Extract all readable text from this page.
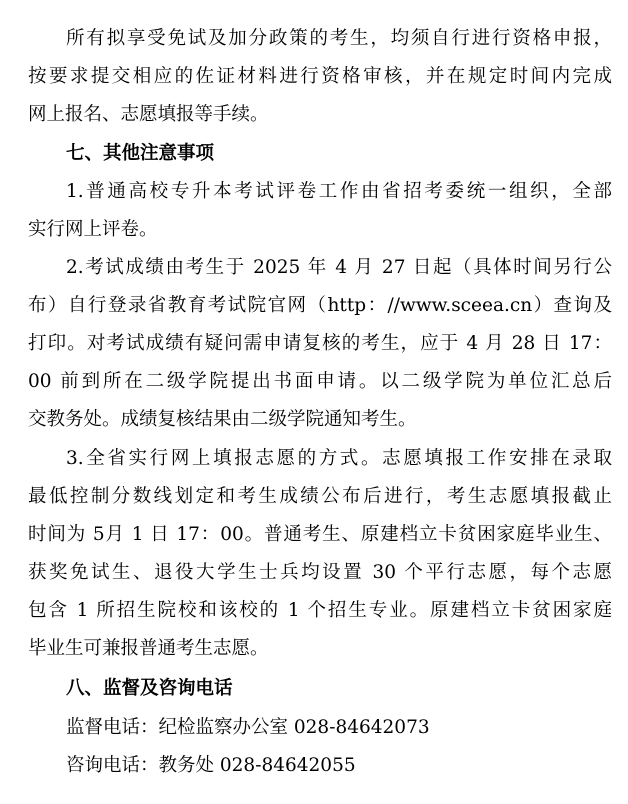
所有拟享受免试及加分政策的考生，均须自行进行资格申报，
按要求提交相应的佐证材料进行资格审核，并在规定时间内完成
网上报名、志愿填报等手续。
七、其他注意事项
1.普通高校专升本考试评卷工作由省招考委统一组织，全部
实行网上评卷。
2.考试成绩由考生于 2025 年 4 月 27 日起（具体时间另行公
布）自行登录省教育考试院官网（http：//www.sceea.cn）查询及
打印。对考试成绩有疑问需申请复核的考生，应于 4 月 28 日 17：
00 前到所在二级学院提出书面申请。以二级学院为单位汇总后
交教务处。成绩复核结果由二级学院通知考生。
3.全省实行网上填报志愿的方式。志愿填报工作安排在录取
最低控制分数线划定和考生成绩公布后进行，考生志愿填报截止
时间为 5月 1 日 17：00。普通考生、原建档立卡贫困家庭毕业生、
获奖免试生、退役大学生士兵均设置 30 个平行志愿，每个志愿
包含 1 所招生院校和该校的 1 个招生专业。原建档立卡贫困家庭
毕业生可兼报普通考生志愿。
八、监督及咨询电话
监督电话：纪检监察办公室 028-84642073
咨询电话：教务处 028-84642055
